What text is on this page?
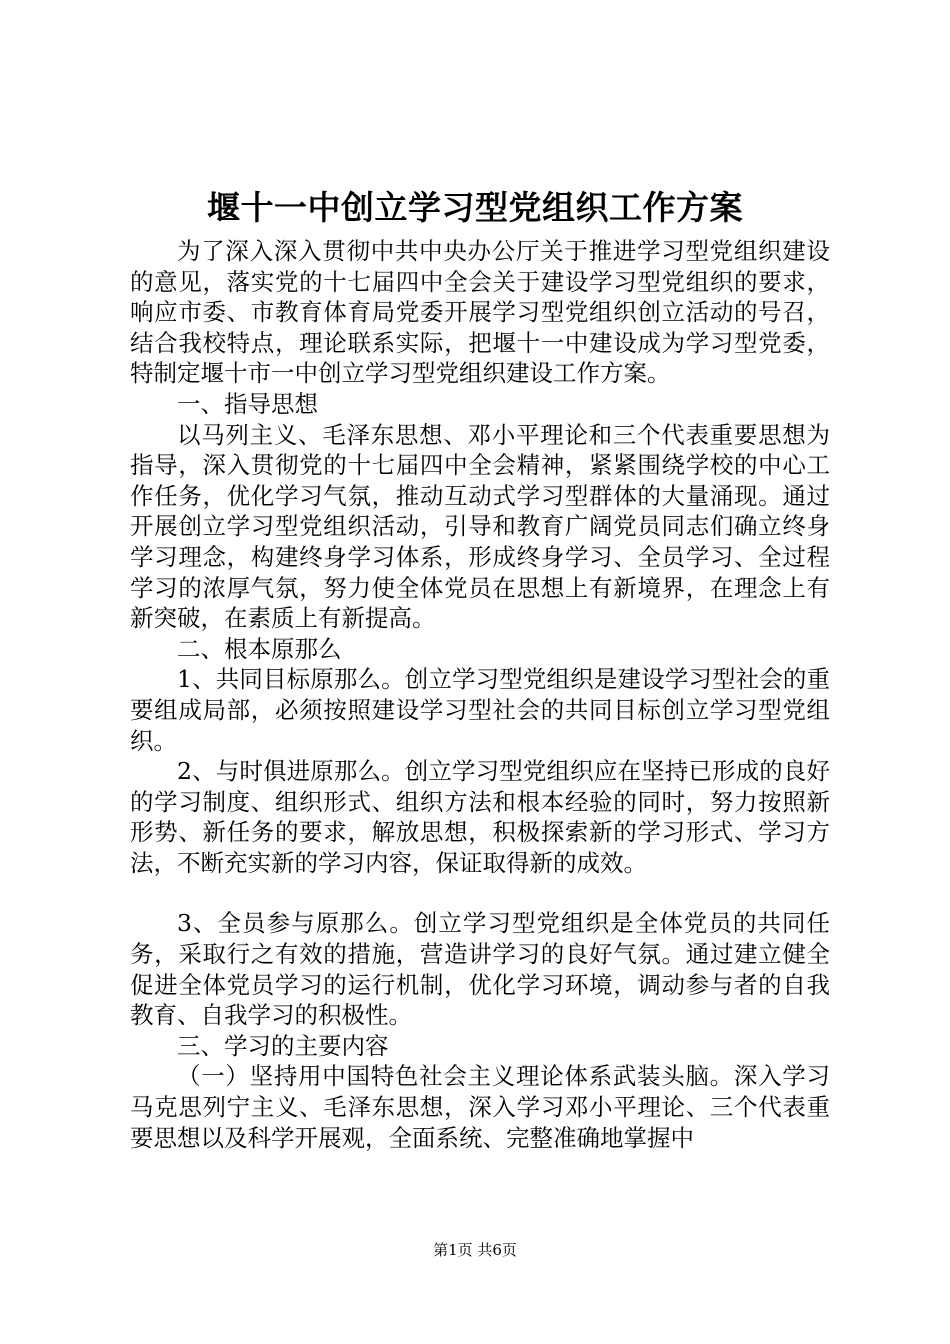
堰十一中创立学习型党组织工作方案

为了深入深入贯彻中共中央办公厅关于推进学习型党组织建设的意见，落实党的十七届四中全会关于建设学习型党组织的要求，响应市委、市教育体育局党委开展学习型党组织创立活动的号召，结合我校特点，理论联系实际，把堰十一中建设成为学习型党委，特制定堰十市一中创立学习型党组织建设工作方案。

一、指导思想

以马列主义、毛泽东思想、邓小平理论和三个代表重要思想为指导，深入贯彻党的十七届四中全会精神，紧紧围绕学校的中心工作任务，优化学习气氛，推动互动式学习型群体的大量涌现。通过开展创立学习型党组织活动，引导和教育广阔党员同志们确立终身学习理念，构建终身学习体系，形成终身学习、全员学习、全过程学习的浓厚气氛，努力使全体党员在思想上有新境界，在理念上有新突破，在素质上有新提高。

二、根本原那么

1、共同目标原那么。创立学习型党组织是建设学习型社会的重要组成局部，必须按照建设学习型社会的共同目标创立学习型党组织。

2、与时俱进原那么。创立学习型党组织应在坚持已形成的良好的学习制度、组织形式、组织方法和根本经验的同时，努力按照新形势、新任务的要求，解放思想，积极探索新的学习形式、学习方法，不断充实新的学习内容，保证取得新的成效。

3、全员参与原那么。创立学习型党组织是全体党员的共同任务，采取行之有效的措施，营造讲学习的良好气氛。通过建立健全促进全体党员学习的运行机制，优化学习环境，调动参与者的自我教育、自我学习的积极性。

三、学习的主要内容

（一）坚持用中国特色社会主义理论体系武装头脑。深入学习马克思列宁主义、毛泽东思想，深入学习邓小平理论、三个代表重要思想以及科学开展观，全面系统、完整准确地掌握中

第1页 共6页
